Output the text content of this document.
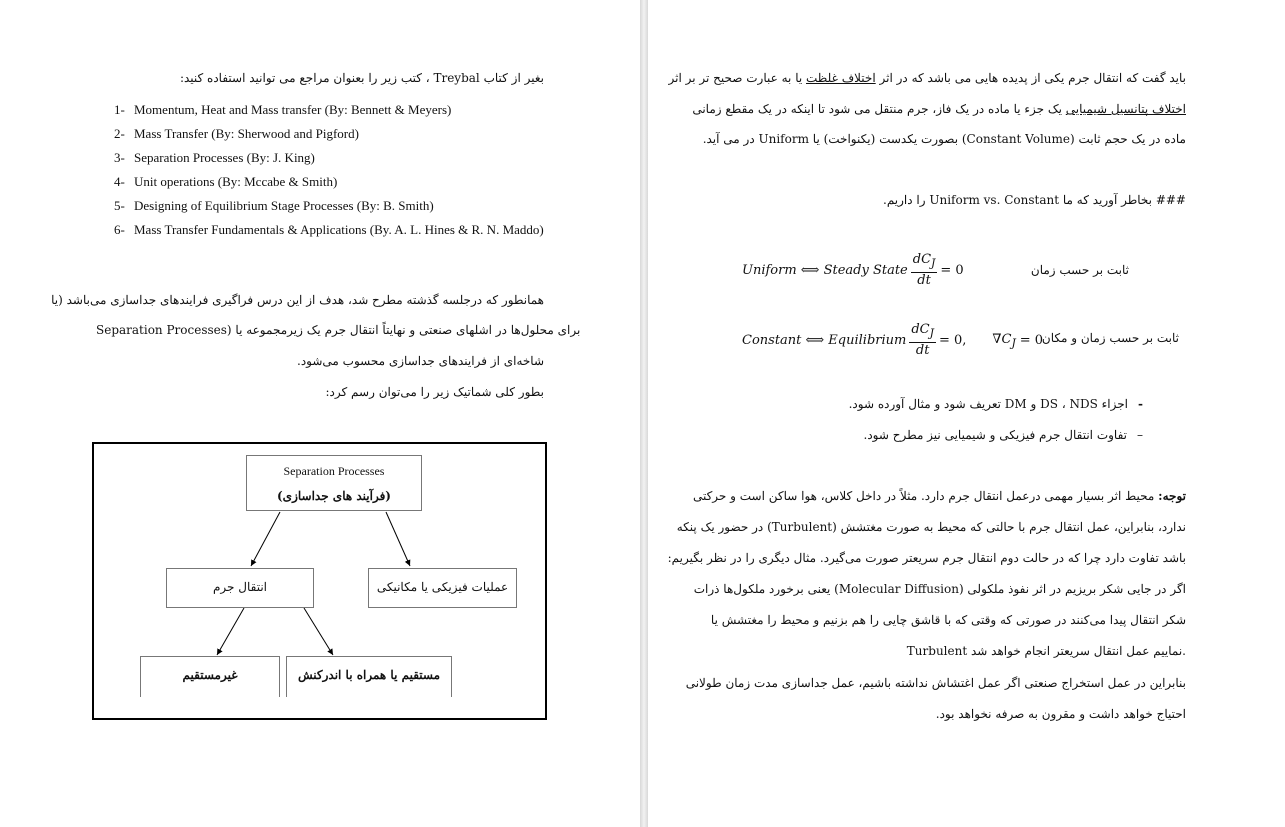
بغیر از کتاب Treybal ، کتب زیر را بعنوان مراجع می توانید استفاده کنید:
1- Momentum, Heat and Mass transfer (By: Bennett & Meyers)
2- Mass Transfer (By: Sherwood and Pigford)
3- Separation Processes (By: J. King)
4- Unit operations (By: Mccabe & Smith)
5- Designing of Equilibrium Stage Processes (By: B. Smith)
6- Mass Transfer Fundamentals & Applications (By. A. L. Hines & R. N. Maddo)
همانطور که درجلسه گذشته مطرح شد، هدف از این درس فراگیری فرایندهای جداسازی می‌باشد (یا
Separation Processes) برای محلول‌ها در اشلهای صنعتی و نهایتاً انتقال جرم یک زیرمجموعه یا
شاخه‌ای از فرایندهای جداسازی محسوب می‌شود.
بطور کلی شماتیک زیر را می‌توان رسم کرد:
Separation Processes
(فرآیند های جداسازی)
انتقال جرم	عملیات فیزیکی یا مکانیکی
غیرمستقیم	مستقیم یا همراه با اندرکنش
باید گفت که انتقال جرم یکی از پدیده هایی می باشد که در اثر اختلاف غلظت یا به عبارت صحیح تر بر اثر
اختلاف پتانسیل شیمیایی یک جزء یا ماده در یک فاز، جرم منتقل می شود تا اینکه در یک مقطع زمانی
ماده در یک حجم ثابت (Constant Volume) بصورت یکدست (یکنواخت) یا Uniform در می آید.
### بخاطر آورید که ما Uniform vs. Constant را داریم.
Uniform ⟺ Steady State $\frac{dC_J}{dt} = 0$	ثابت بر حسب زمان
Constant ⟺ Equilibrium $\frac{dC_J}{dt} = 0$, $\nabla C_J = 0$
ثابت بر حسب زمان و مکان
-
اجزاء DS ، NDS و DM تعریف شود و مثال آورده شود.
–
تفاوت انتقال جرم فیزیکی و شیمیایی نیز مطرح شود.
توجه: محیط اثر بسیار مهمی درعمل انتقال جرم دارد. مثلاً در داخل کلاس، هوا ساکن است و حرکتی
ندارد، بنابراین، عمل انتقال جرم با حالتی که محیط به صورت مغتشش (Turbulent) در حضور یک پنکه
باشد تفاوت دارد چرا که در حالت دوم انتقال جرم سریعتر صورت می‌گیرد. مثال دیگری را در نظر بگیریم:
اگر در جایی شکر بریزیم در اثر نفوذ ملکولی (Molecular Diffusion) یعنی برخورد ملکول‌ها ذرات
شکر انتقال پیدا می‌کنند در صورتی که وقتی که با قاشق چایی را هم بزنیم و محیط را مغتشش یا
Turbulent نماییم عمل انتقال سریعتر انجام خواهد شد.
بنابراین در عمل استخراج صنعتی اگر عمل اغتشاش نداشته باشیم، عمل جداسازی مدت زمان طولانی
احتیاج خواهد داشت و مقرون به صرفه نخواهد بود.
